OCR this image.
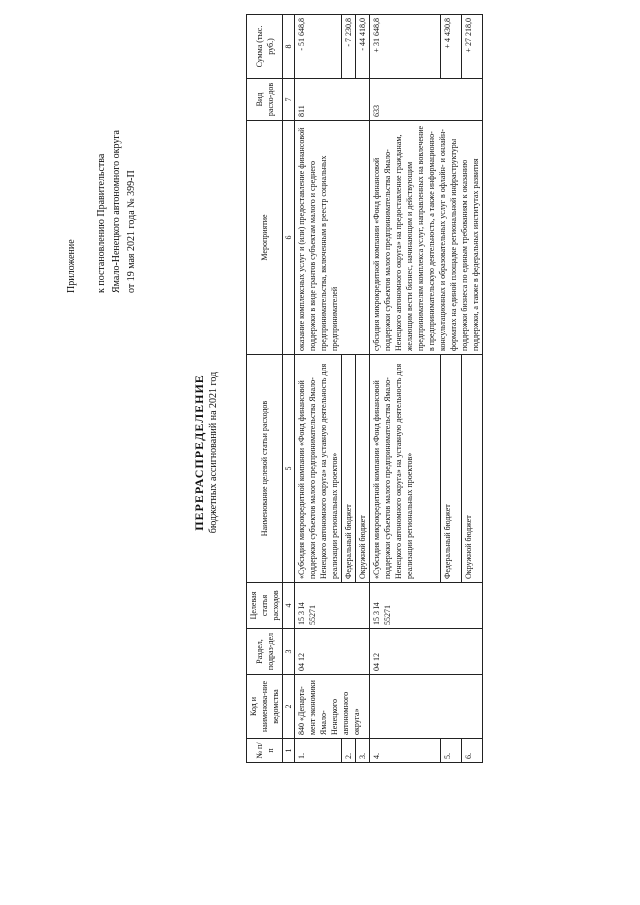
Приложение к постановлению Правительства Ямало-Ненецкого автономного округа от 19 мая 2021 года № 399-П
ПЕРЕРАСПРЕДЕЛЕНИЕ бюджетных ассигнований на 2021 год
№ п/п	Код и наименова-ние ведомства	Раздел, подраз-дел	Целевая статья расходов	Наименование целевой статьи расходов	Мероприятие	Вид расхо-дов	Сумма (тыс. руб.)
1	2	3	4	5	6	7	8
1.	840 «Департа-мент экономики Ямало-Ненецкого автономного округа»	04 12	15 3 I4 55271	«Субсидия микрокредитной компании «Фонд финансовой поддержки субъектов малого предпринимательства Ямало-Ненецкого автономного округа» на уставную деятельность для реализации региональных проектов»	оказание комплексных услуг и (или) предоставление финансовой поддержки в виде грантов субъектам малого и среднего предпринимательства, включенным в реестр социальных предпринимателей	811	- 51 648,8
2.				Федеральный бюджет			- 7 230,8
3.				Окружной бюджет			- 44 418,0
4.		04 12	15 3 I4 55271	«Субсидия микрокредитной компании «Фонд финансовой поддержки субъектов малого предпринимательства Ямало-Ненецкого автономного округа» на уставную деятельность для реализации региональных проектов»	субсидия микрокредитной компании «Фонд финансовой поддержки субъектов малого предпринимательства Ямало-Ненецкого автономного округа» на предоставление гражданам, желающим вести бизнес, начинающим и действующим предпринимателям комплекса услуг, направленных на вовлечение в предпринимательскую деятельность, а также информационно-консультационных и образовательных услуг в офлайн- и онлайн-форматах на единой площадке региональной инфраструктуры поддержки бизнеса по единым требованиям к оказанию поддержки, а также в федеральных институтах развития	633	+ 31 648,8
5.				Федеральный бюджет			+ 4 430,8
6.				Окружной бюджет			+ 27 218,0
